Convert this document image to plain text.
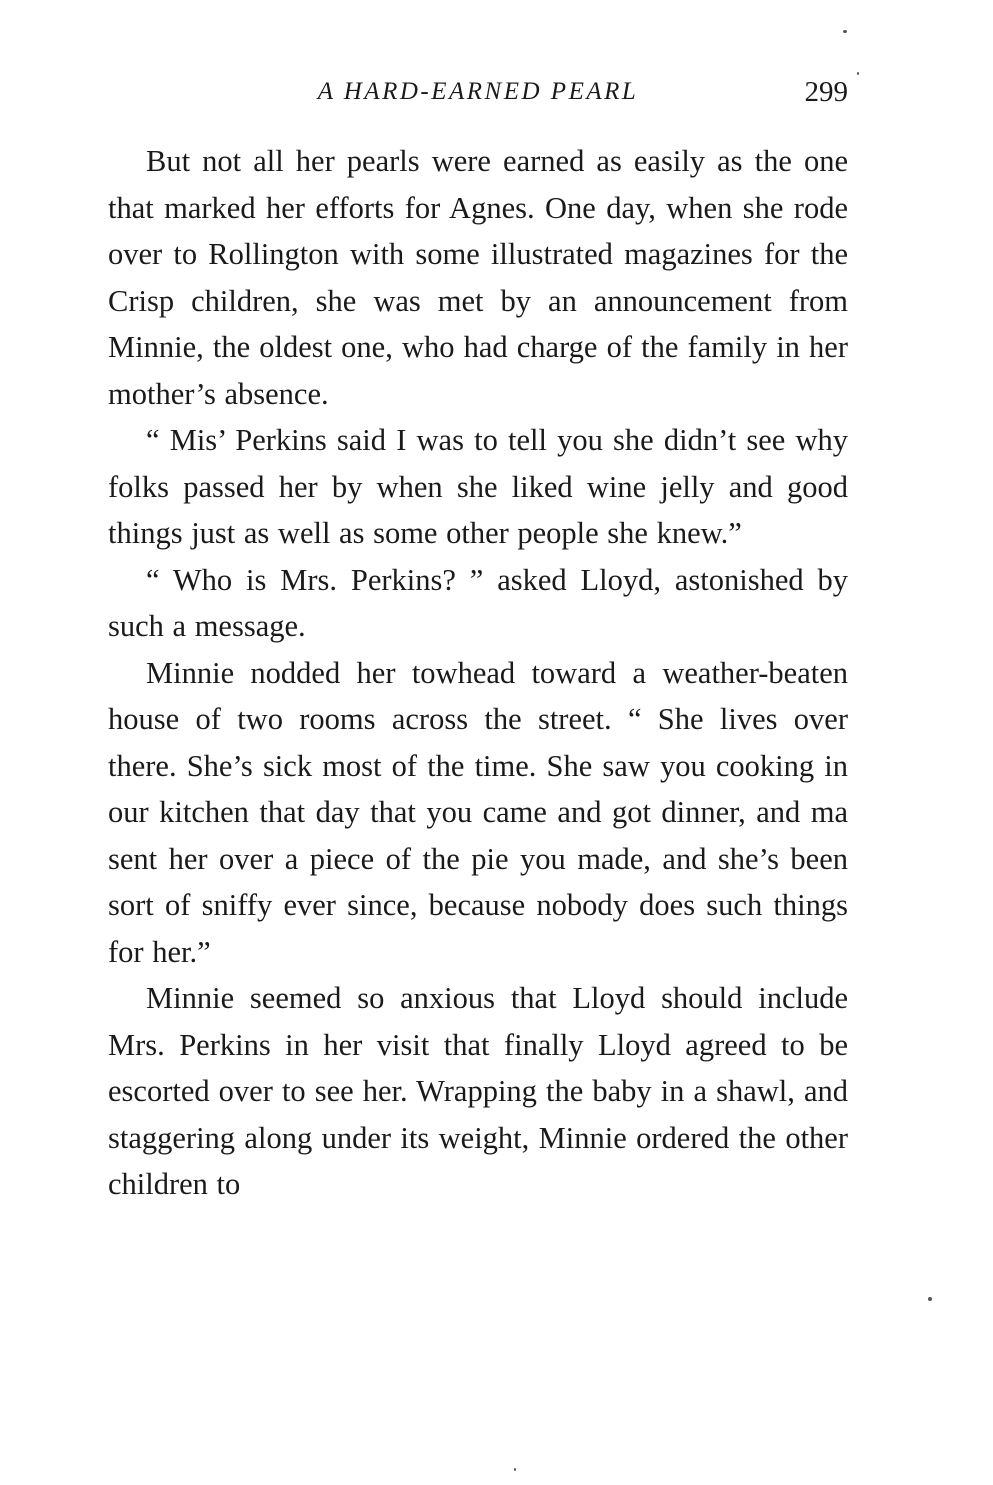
A HARD-EARNED PEARL	299

But not all her pearls were earned as easily as the one that marked her efforts for Agnes. One day, when she rode over to Rollington with some illustrated magazines for the Crisp children, she was met by an announcement from Minnie, the oldest one, who had charge of the family in her mother’s absence.

“ Mis’ Perkins said I was to tell you she didn’t see why folks passed her by when she liked wine jelly and good things just as well as some other people she knew.”

“ Who is Mrs. Perkins? ” asked Lloyd, astonished by such a message.

Minnie nodded her towhead toward a weather-beaten house of two rooms across the street. “ She lives over there. She’s sick most of the time. She saw you cooking in our kitchen that day that you came and got dinner, and ma sent her over a piece of the pie you made, and she’s been sort of sniffy ever since, because nobody does such things for her.”

Minnie seemed so anxious that Lloyd should include Mrs. Perkins in her visit that finally Lloyd agreed to be escorted over to see her. Wrapping the baby in a shawl, and staggering along under its weight, Minnie ordered the other children to
